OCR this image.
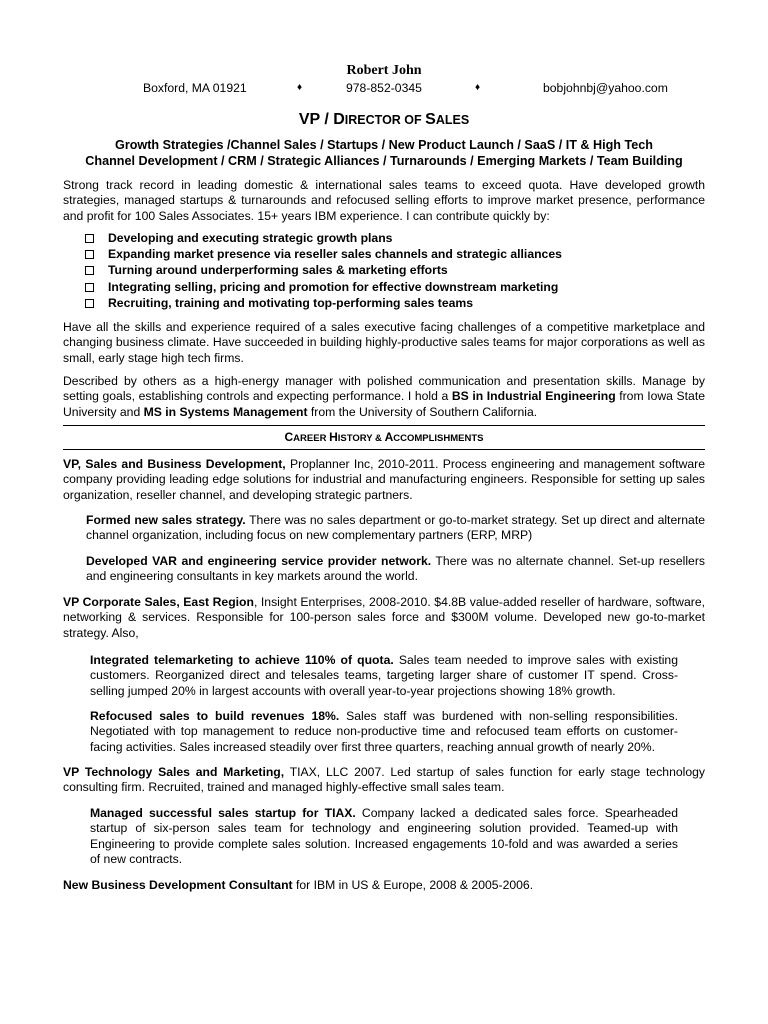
Robert John
Boxford, MA 01921	♦	978-852-0345	♦	bobjohnbj@yahoo.com
VP / DIRECTOR OF SALES
Growth Strategies /Channel Sales / Startups / New Product Launch / SaaS / IT & High Tech
Channel Development / CRM / Strategic Alliances / Turnarounds / Emerging Markets / Team Building
Strong track record in leading domestic & international sales teams to exceed quota. Have developed growth strategies, managed startups & turnarounds and refocused selling efforts to improve market presence, performance and profit for 100 Sales Associates. 15+ years IBM experience. I can contribute quickly by:
Developing and executing strategic growth plans
Expanding market presence via reseller sales channels and strategic alliances
Turning around underperforming sales & marketing efforts
Integrating selling, pricing and promotion for effective downstream marketing
Recruiting, training and motivating top-performing sales teams
Have all the skills and experience required of a sales executive facing challenges of a competitive marketplace and changing business climate. Have succeeded in building highly-productive sales teams for major corporations as well as small, early stage high tech firms.
Described by others as a high-energy manager with polished communication and presentation skills. Manage by setting goals, establishing controls and expecting performance. I hold a BS in Industrial Engineering from Iowa State University and MS in Systems Management from the University of Southern California.
CAREER HISTORY & ACCOMPLISHMENTS
VP, Sales and Business Development, Proplanner Inc, 2010-2011. Process engineering and management software company providing leading edge solutions for industrial and manufacturing engineers. Responsible for setting up sales organization, reseller channel, and developing strategic partners.
Formed new sales strategy. There was no sales department or go-to-market strategy. Set up direct and alternate channel organization, including focus on new complementary partners (ERP, MRP)
Developed VAR and engineering service provider network. There was no alternate channel. Set-up resellers and engineering consultants in key markets around the world.
VP Corporate Sales, East Region, Insight Enterprises, 2008-2010. $4.8B value-added reseller of hardware, software, networking & services. Responsible for 100-person sales force and $300M volume. Developed new go-to-market strategy. Also,
Integrated telemarketing to achieve 110% of quota. Sales team needed to improve sales with existing customers. Reorganized direct and telesales teams, targeting larger share of customer IT spend. Cross-selling jumped 20% in largest accounts with overall year-to-year projections showing 18% growth.
Refocused sales to build revenues 18%. Sales staff was burdened with non-selling responsibilities. Negotiated with top management to reduce non-productive time and refocused team efforts on customer-facing activities. Sales increased steadily over first three quarters, reaching annual growth of nearly 20%.
VP Technology Sales and Marketing, TIAX, LLC 2007. Led startup of sales function for early stage technology consulting firm. Recruited, trained and managed highly-effective small sales team.
Managed successful sales startup for TIAX. Company lacked a dedicated sales force. Spearheaded startup of six-person sales team for technology and engineering solution provided. Teamed-up with Engineering to provide complete sales solution. Increased engagements 10-fold and was awarded a series of new contracts.
New Business Development Consultant for IBM in US & Europe, 2008 & 2005-2006.
